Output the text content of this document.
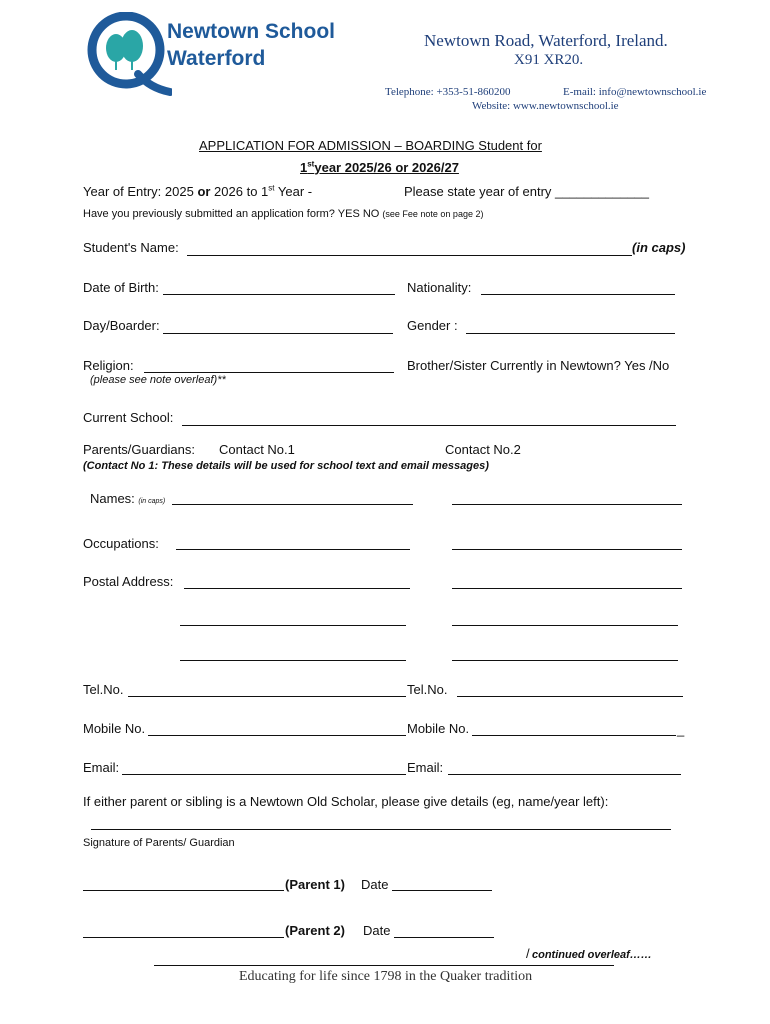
Newtown School
Waterford
Newtown Road, Waterford, Ireland.
X91 XR20.
Telephone: +353-51-860200	E-mail: info@newtownschool.ie
Website: www.newtownschool.ie
APPLICATION FOR ADMISSION – BOARDING Student for
1styear 2025/26 or 2026/27
Year of Entry: 2025 or 2026 to 1st Year -	Please state year of entry _____________
Have you previously submitted an application form? YES NO (see Fee note on page 2)
Student's Name:	(in caps)
Date of Birth:	Nationality:
Day/Boarder:	Gender :
Religion:	Brother/Sister Currently in Newtown? Yes /No
(please see note overleaf)**
Current School:
Parents/Guardians: Contact No.1	Contact No.2
(Contact No 1: These details will be used for school text and email messages)
Names: (in caps)
Occupations:
Postal Address:
Tel.No.	Tel.No.
Mobile No.	Mobile No.	_
Email:	Email:
If either parent or sibling is a Newtown Old Scholar, please give details (eg, name/year left):
Signature of Parents/ Guardian
(Parent 1) Date
(Parent 2) Date
/ continued overleaf……
Educating for life since 1798 in the Quaker tradition
